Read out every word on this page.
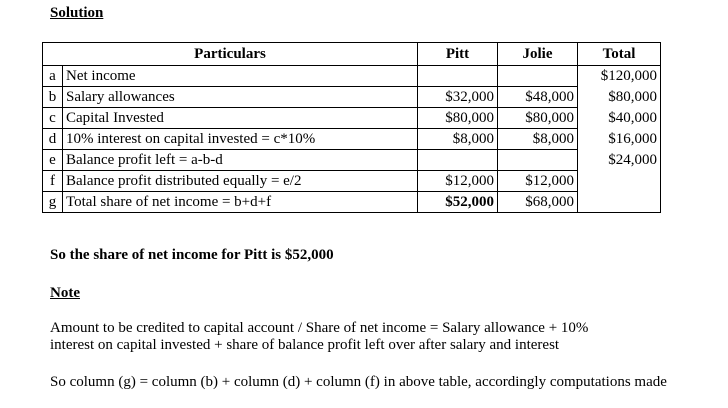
Solution
Particulars		Pitt	Jolie	Total
a	Net income			$120,000
b	Salary allowances	$32,000	$48,000	$80,000
c	Capital Invested	$80,000	$80,000	$40,000
d	10% interest on capital invested = c*10%	$8,000	$8,000	$16,000
e	Balance profit left = a-b-d			$24,000
f	Balance profit distributed equally = e/2	$12,000	$12,000	
g	Total share of net income = b+d+f	$52,000	$68,000	
So the share of net income for Pitt is $52,000
Note
Amount to be credited to capital account / Share of net income = Salary allowance + 10% interest on capital invested + share of balance profit left over after salary and interest
So column (g) = column (b) + column (d) + column (f) in above table, accordingly computations made
